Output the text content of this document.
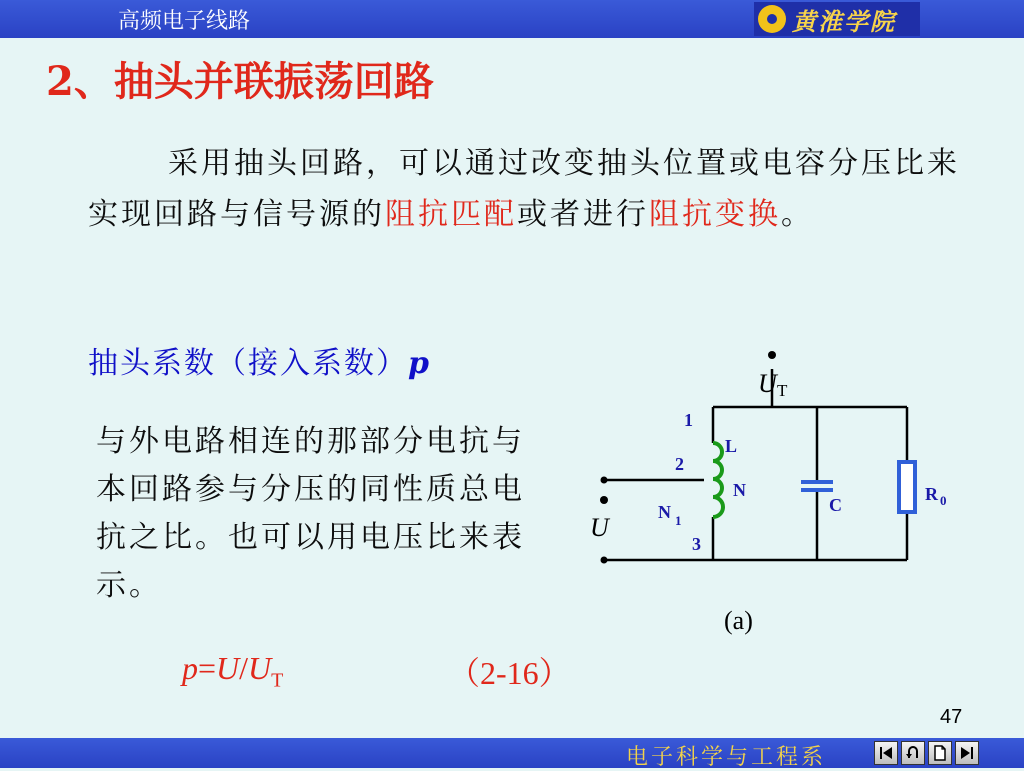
高频电子线路	黄淮学院
2、抽头并联振荡回路
采用抽头回路，可以通过改变抽头位置或电容分压比来实现回路与信号源的阻抗匹配或者进行阻抗变换。
抽头系数（接入系数）p
与外电路相连的那部分电抗与本回路参与分压的同性质总电抗之比。也可以用电压比来表示。
$p=U/U_T$	（2-16）
U
U T
1
2
3
L
N
N	C
R
1
0
(a)
47
电子科学与工程系
